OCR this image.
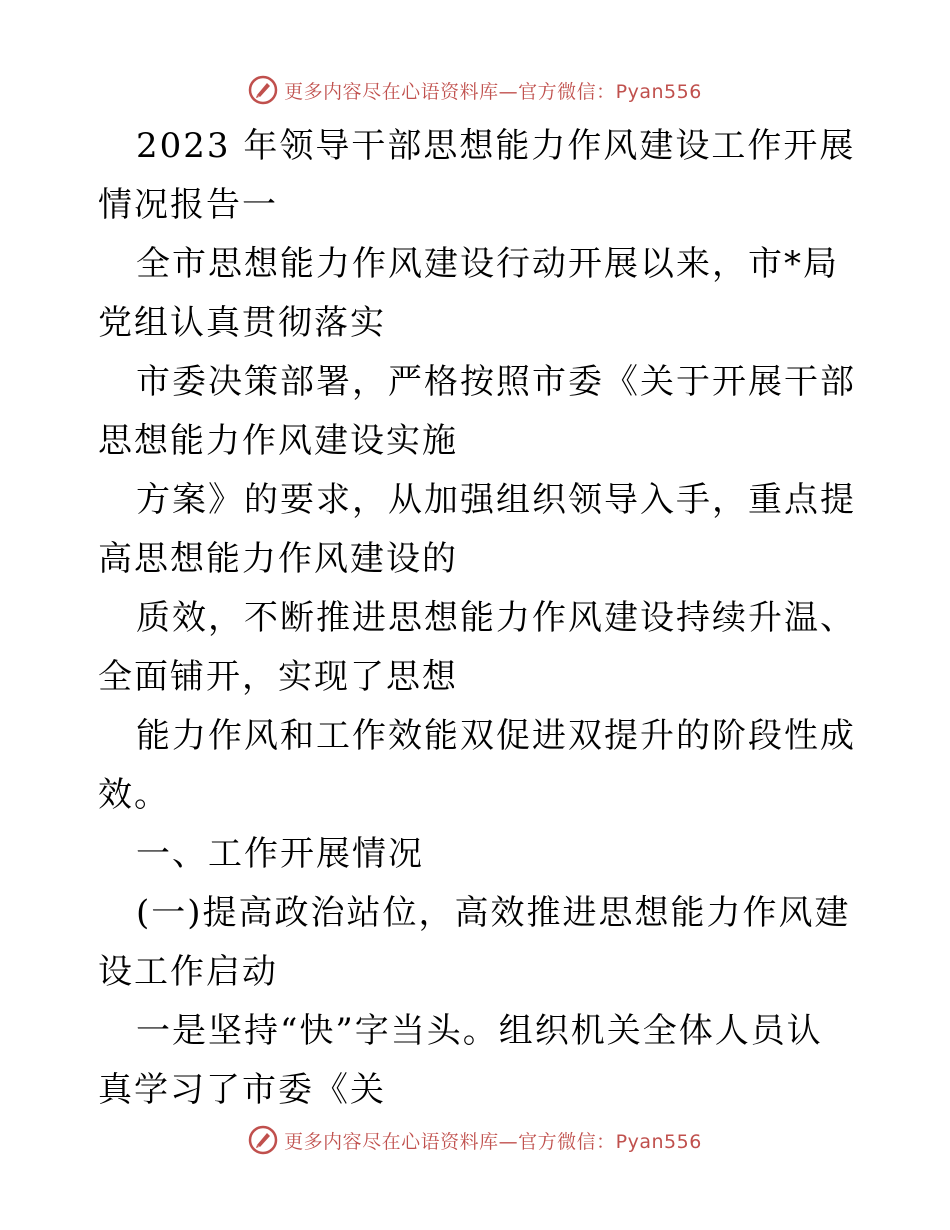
更多内容尽在心语资料库—官方微信：Pyan556

2023 年领导干部思想能力作风建设工作开展情况报告一

全市思想能力作风建设行动开展以来，市*局党组认真贯彻落实

市委决策部署，严格按照市委《关于开展干部思想能力作风建设实施

方案》的要求，从加强组织领导入手，重点提高思想能力作风建设的

质效，不断推进思想能力作风建设持续升温、全面铺开，实现了思想

能力作风和工作效能双促进双提升的阶段性成效。

一、工作开展情况

(一)提高政治站位，高效推进思想能力作风建设工作启动

一是坚持“快”字当头。组织机关全体人员认真学习了市委《关

更多内容尽在心语资料库—官方微信：Pyan556
